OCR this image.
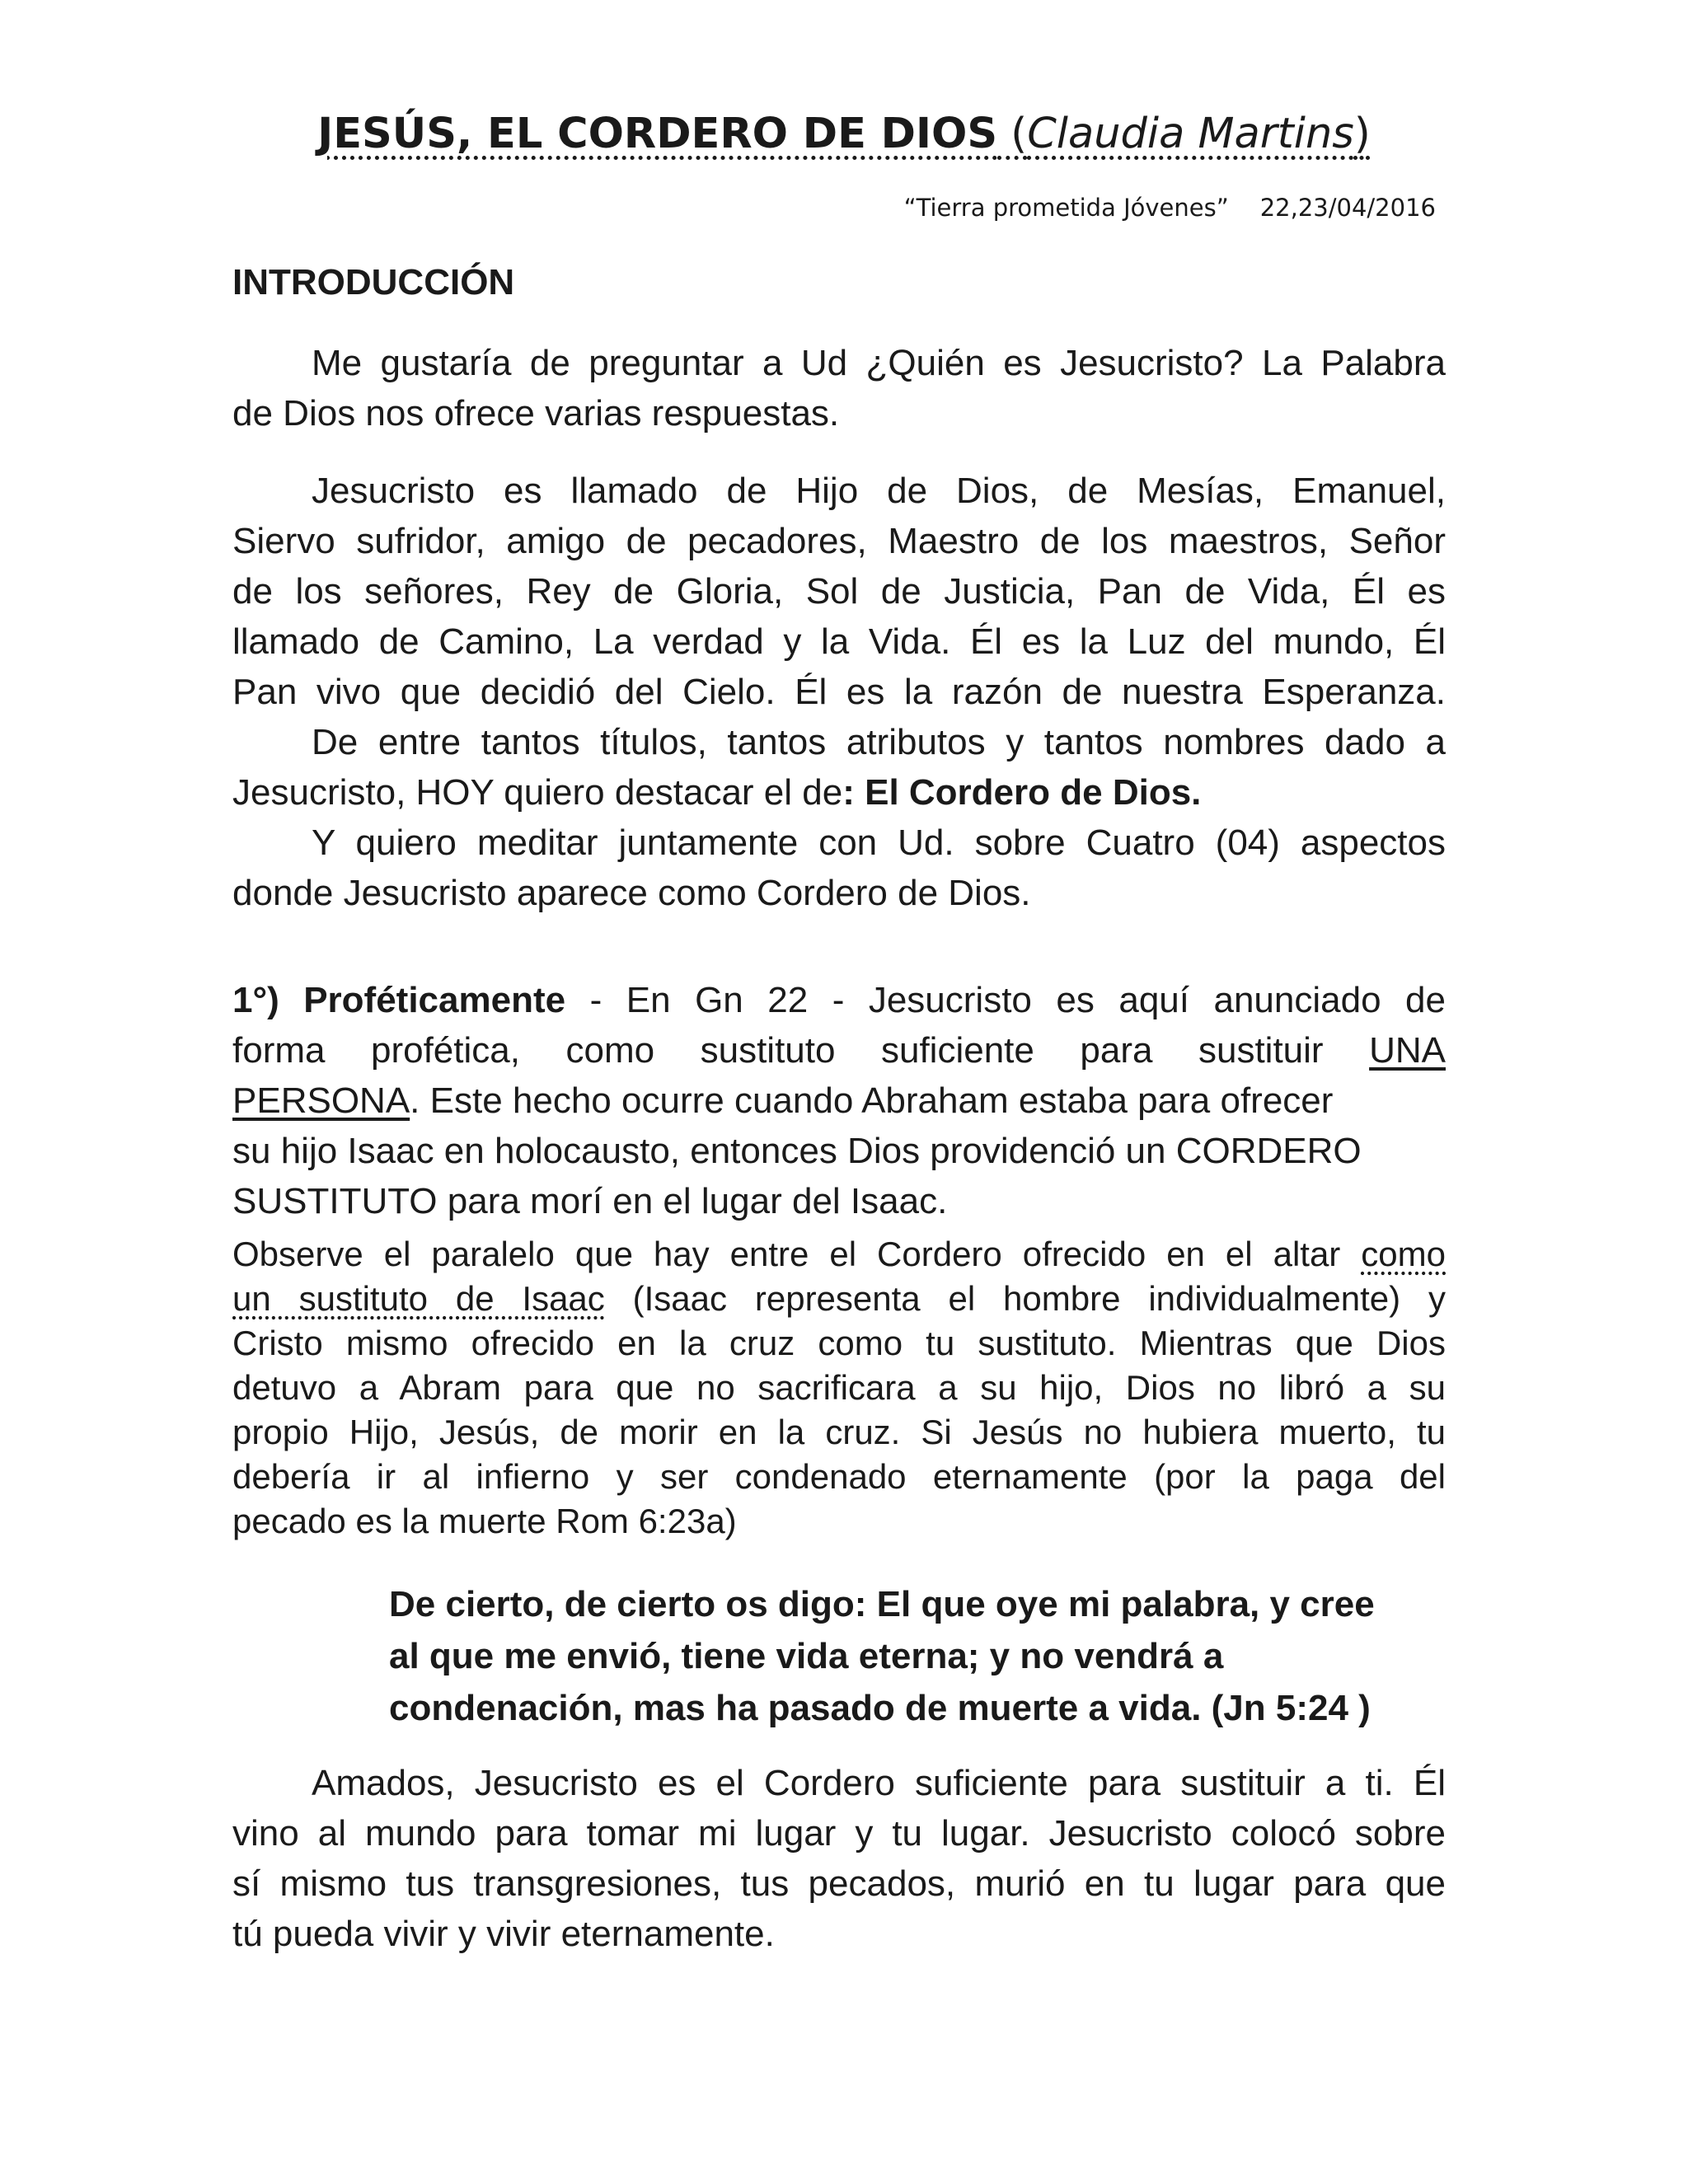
JESÚS, EL CORDERO DE DIOS (Claudia Martins)
“Tierra prometida Jóvenes” 22,23/04/2016
INTRODUCCIÓN
Me gustaría de preguntar a Ud ¿Quién es Jesucristo? La Palabra
de Dios nos ofrece varias respuestas.
Jesucristo es llamado de Hijo de Dios, de Mesías, Emanuel,
Siervo sufridor, amigo de pecadores, Maestro de los maestros, Señor
de los señores, Rey de Gloria, Sol de Justicia, Pan de Vida, Él es
llamado de Camino, La verdad y la Vida. Él es la Luz del mundo, Él
Pan vivo que decidió del Cielo. Él es la razón de nuestra Esperanza.
De entre tantos títulos, tantos atributos y tantos nombres dado a
Jesucristo, HOY quiero destacar el de: El Cordero de Dios.
Y quiero meditar juntamente con Ud. sobre Cuatro (04) aspectos
donde Jesucristo aparece como Cordero de Dios.
1°) Proféticamente - En Gn 22 - Jesucristo es aquí anunciado de
forma profética, como sustituto suficiente para sustituir UNA
PERSONA. Este hecho ocurre cuando Abraham estaba para ofrecer
su hijo Isaac en holocausto, entonces Dios providenció un CORDERO
SUSTITUTO para morí en el lugar del Isaac.
Observe el paralelo que hay entre el Cordero ofrecido en el altar como
un sustituto de Isaac (Isaac representa el hombre individualmente) y
Cristo mismo ofrecido en la cruz como tu sustituto. Mientras que Dios
detuvo a Abram para que no sacrificara a su hijo, Dios no libró a su
propio Hijo, Jesús, de morir en la cruz. Si Jesús no hubiera muerto, tu
debería ir al infierno y ser condenado eternamente (por la paga del
pecado es la muerte Rom 6:23a)
De cierto, de cierto os digo: El que oye mi palabra, y cree
al que me envió, tiene vida eterna; y no vendrá a
condenación, mas ha pasado de muerte a vida. (Jn 5:24 )
Amados, Jesucristo es el Cordero suficiente para sustituir a ti. Él
vino al mundo para tomar mi lugar y tu lugar. Jesucristo colocó sobre
sí mismo tus transgresiones, tus pecados, murió en tu lugar para que
tú pueda vivir y vivir eternamente.
